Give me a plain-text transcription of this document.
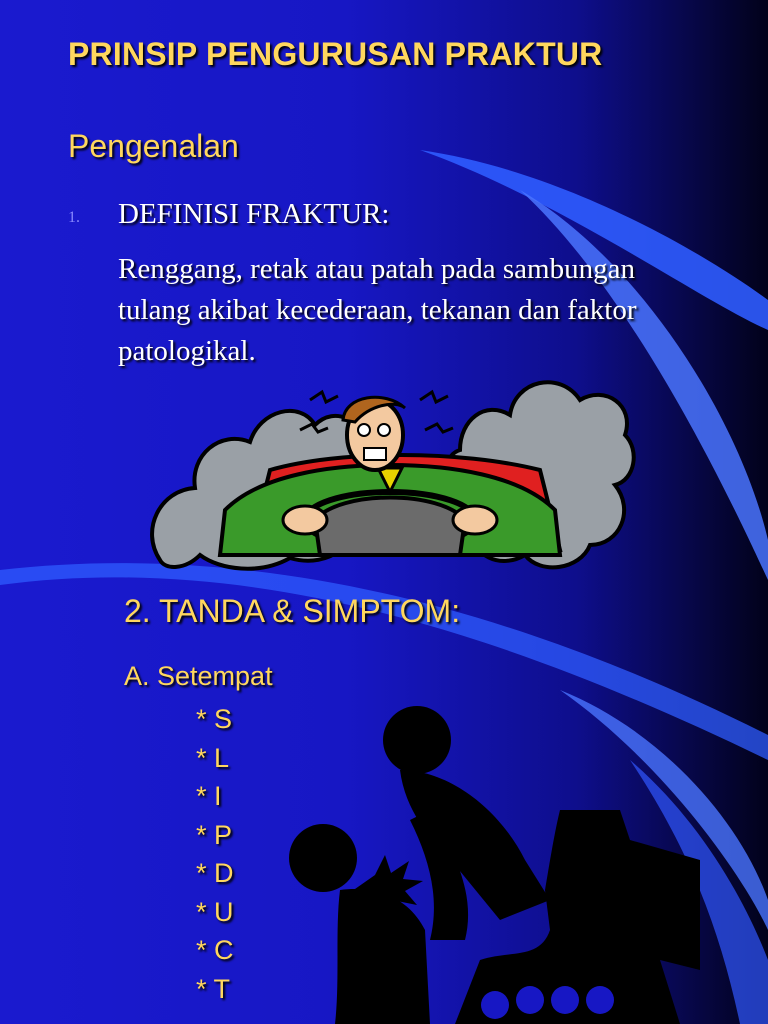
PRINSIP PENGURUSAN PRAKTUR
Pengenalan
1. DEFINISI FRAKTUR:
Renggang, retak atau patah pada sambungan tulang akibat kecederaan, tekanan dan faktor patologikal.
2. TANDA & SIMPTOM:
A. Setempat
* S
* L
* I
* P
* D
* U
* C
* T
